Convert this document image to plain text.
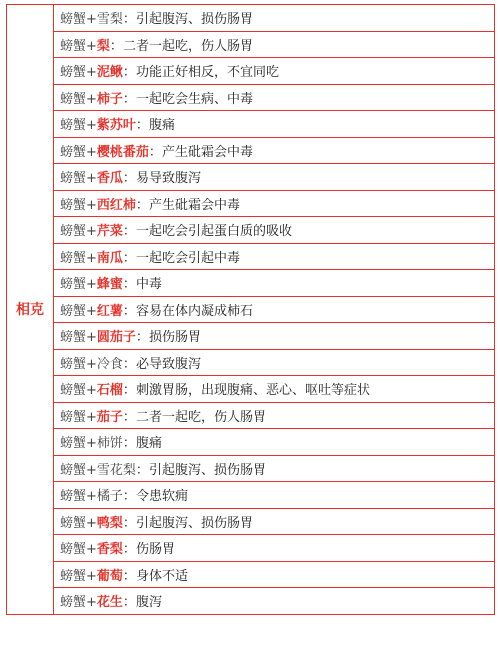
相克	螃蟹+雪梨：引起腹泻、损伤肠胃
螃蟹+梨：二者一起吃，伤人肠胃
螃蟹+泥鳅：功能正好相反，不宜同吃
螃蟹+柿子：一起吃会生病、中毒
螃蟹+紫苏叶：腹痛
螃蟹+樱桃番茄：产生砒霜会中毒
螃蟹+香瓜：易导致腹泻
螃蟹+西红柿：产生砒霜会中毒
螃蟹+芹菜：一起吃会引起蛋白质的吸收
螃蟹+南瓜：一起吃会引起中毒
螃蟹+蜂蜜：中毒
螃蟹+红薯：容易在体内凝成柿石
螃蟹+圆茄子：损伤肠胃
螃蟹+冷食：必导致腹泻
螃蟹+石榴：刺激胃肠，出现腹痛、恶心、呕吐等症状
螃蟹+茄子：二者一起吃，伤人肠胃
螃蟹+柿饼：腹痛
螃蟹+雪花梨：引起腹泻、损伤肠胃
螃蟹+橘子：令患软痈
螃蟹+鸭梨：引起腹泻、损伤肠胃
螃蟹+香梨：伤肠胃
螃蟹+葡萄：身体不适
螃蟹+花生：腹泻
